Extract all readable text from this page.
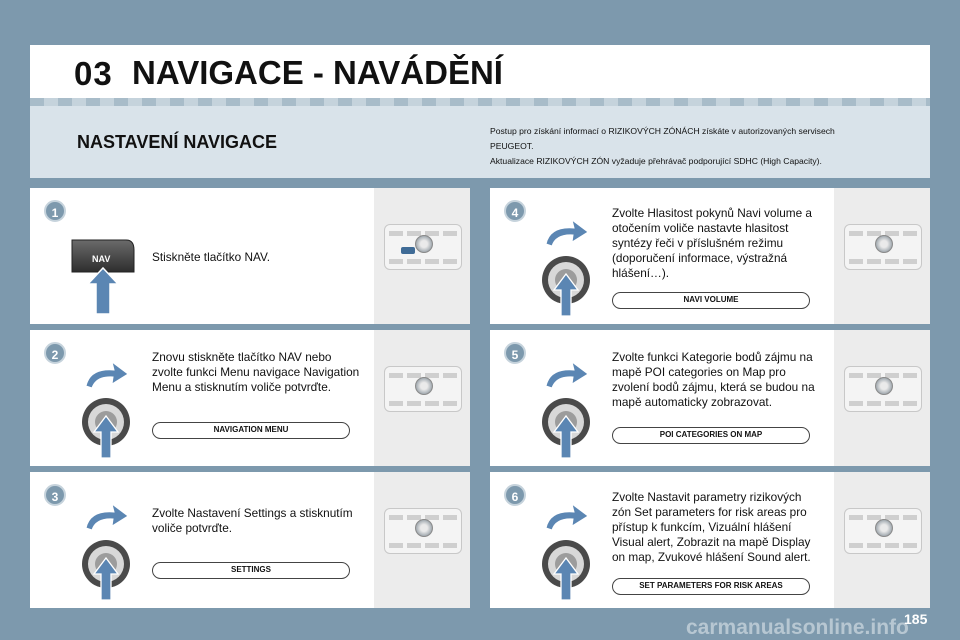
03 NAVIGACE - NAVÁDĚNÍ
NASTAVENÍ NAVIGACE
Postup pro získání informací o RIZIKOVÝCH ZÓNÁCH získáte v autorizovaných servisech
PEUGEOT.
Aktualizace RIZIKOVÝCH ZÓN vyžaduje přehrávač podporující SDHC (High Capacity).
1
NAV	Stiskněte tlačítko NAV.
2	Znovu stiskněte tlačítko NAV nebo zvolte funkci Menu navigace Navigation Menu a stisknutím voliče potvrďte.
NAVIGATION MENU
3
Zvolte Nastavení Settings a stisknutím voliče potvrďte.
SETTINGS
4	Zvolte Hlasitost pokynů Navi volume a otočením voliče nastavte hlasitost syntézy řeči v příslušném režimu (doporučení informace, výstražná hlášení…).
NAVI VOLUME
5	Zvolte funkci Kategorie bodů zájmu na mapě POI categories on Map pro zvolení bodů zájmu, která se budou na mapě automaticky zobrazovat.
POI CATEGORIES ON MAP
6	Zvolte Nastavit parametry rizikových zón Set parameters for risk areas pro přístup k funkcím, Vizuální hlášení Visual alert, Zobrazit na mapě Display on map, Zvukové hlášení Sound alert.
SET PARAMETERS FOR RISK AREAS
carmanualsonline.info
185
